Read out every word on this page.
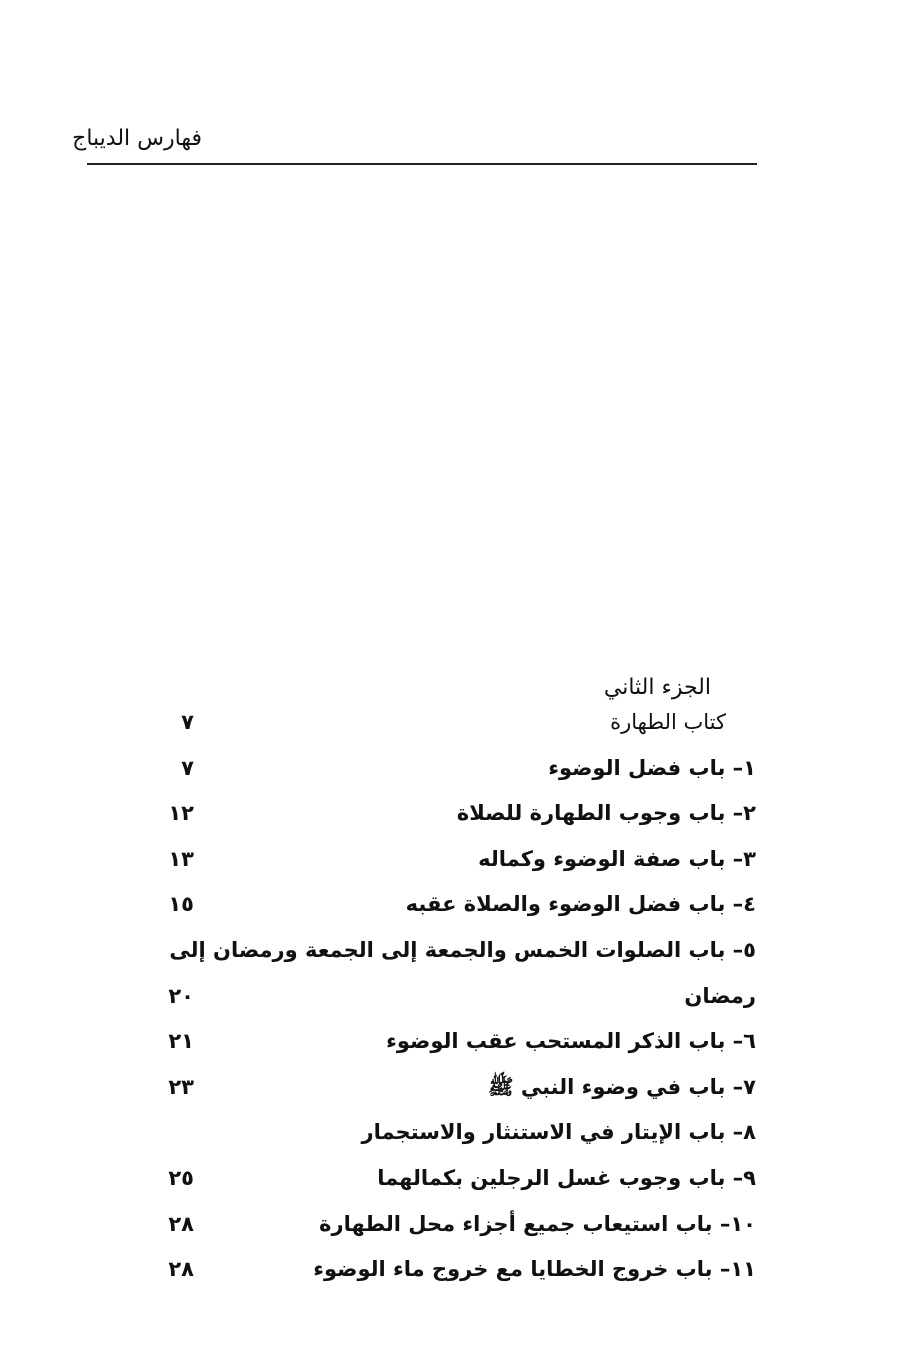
فهارس الديباج
الجزء الثاني
كتاب الطهارة
٧
١– باب فضل الوضوء
٧
٢– باب وجوب الطهارة للصلاة
١٢
٣– باب صفة الوضوء وكماله
١٣
٤– باب فضل الوضوء والصلاة عقبه
١٥
٥– باب الصلوات الخمس والجمعة إلى الجمعة ورمضان إلى
رمضان
٢٠
٦– باب الذكر المستحب عقب الوضوء
٢١
٧– باب في وضوء النبي ﷺ
٢٣
٨– باب الإيتار في الاستنثار والاستجمار
٩– باب وجوب غسل الرجلين بكمالهما
٢٥
١٠– باب استيعاب جميع أجزاء محل الطهارة
٢٨
١١– باب خروج الخطايا مع خروج ماء الوضوء
٢٨
